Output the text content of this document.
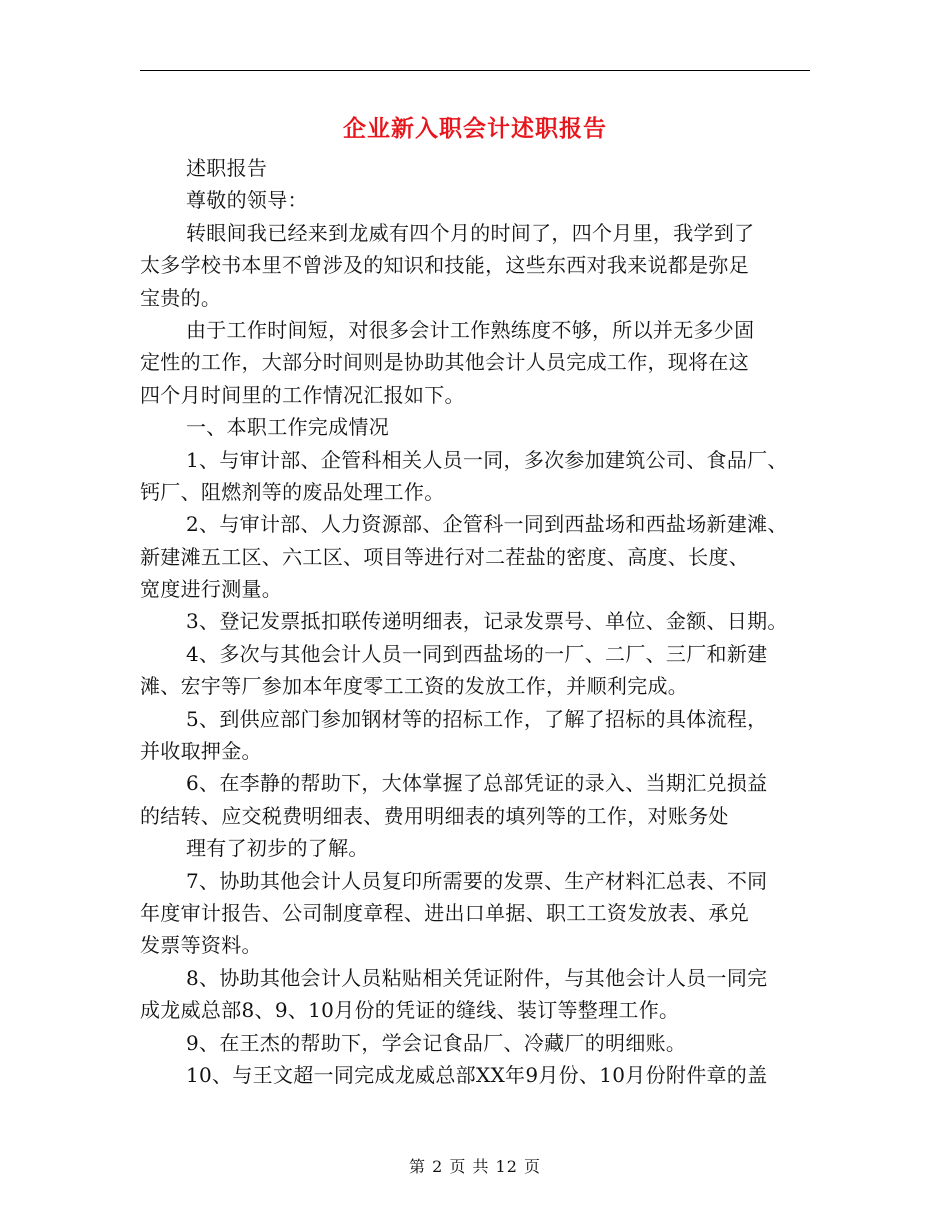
企业新入职会计述职报告
述职报告
尊敬的领导：
转眼间我已经来到龙威有四个月的时间了，四个月里，我学到了
太多学校书本里不曾涉及的知识和技能，这些东西对我来说都是弥足
宝贵的。
由于工作时间短，对很多会计工作熟练度不够，所以并无多少固
定性的工作，大部分时间则是协助其他会计人员完成工作，现将在这
四个月时间里的工作情况汇报如下。
一、本职工作完成情况
1、与审计部、企管科相关人员一同，多次参加建筑公司、食品厂、
钙厂、阻燃剂等的废品处理工作。
2、与审计部、人力资源部、企管科一同到西盐场和西盐场新建滩、
新建滩五工区、六工区、项目等进行对二茬盐的密度、高度、长度、
宽度进行测量。
3、登记发票抵扣联传递明细表，记录发票号、单位、金额、日期。
4、多次与其他会计人员一同到西盐场的一厂、二厂、三厂和新建
滩、宏宇等厂参加本年度零工工资的发放工作，并顺利完成。
5、到供应部门参加钢材等的招标工作，了解了招标的具体流程，
并收取押金。
6、在李静的帮助下，大体掌握了总部凭证的录入、当期汇兑损益
的结转、应交税费明细表、费用明细表的填列等的工作，对账务处
理有了初步的了解。
7、协助其他会计人员复印所需要的发票、生产材料汇总表、不同
年度审计报告、公司制度章程、进出口单据、职工工资发放表、承兑
发票等资料。
8、协助其他会计人员粘贴相关凭证附件，与其他会计人员一同完
成龙威总部8、9、10月份的凭证的缝线、装订等整理工作。
9、在王杰的帮助下，学会记食品厂、冷藏厂的明细账。
10、与王文超一同完成龙威总部XX年9月份、10月份附件章的盖
第 2 页 共 12 页
